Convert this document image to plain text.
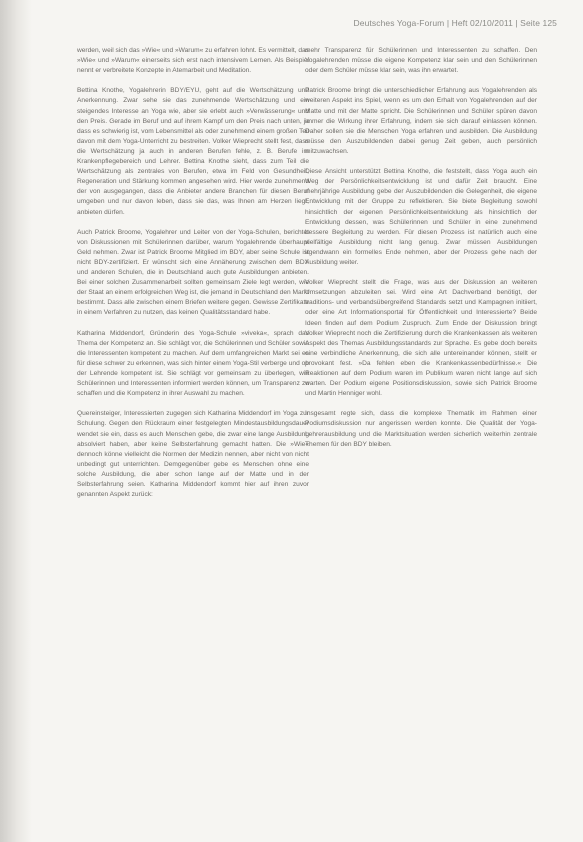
Deutsches Yoga-Forum | Heft 02/10/2011 | Seite 125

werden, weil sich das »Wie« und »Warum« zu erfahren lohnt. Es vermittelt, das »Wie« und »Warum« einerseits sich erst nach intensivem Lernen. Als Beispiel nennt er verbreitete Konzepte in Atemarbeit und Meditation.

Bettina Knothe, Yogalehrerin BDY/EYU, geht auf die Wertschätzung und Anerkennung. Zwar sehe sie das zunehmende Wertschätzung und ein steigendes Interesse an Yoga wie, aber sie erlebt auch »Verwässerung« und den Preis. Gerade im Beruf und auf ihrem Kampf um den Preis nach unten, ja dass es schwierig ist, vom Lebensmittel als oder zunehmend einem großen Teil davon mit dem Yoga-Unterricht zu bestreiten. Volker Wieprecht stellt fest, dass die Wertschätzung ja auch in anderen Berufen fehle, z. B. Berufe im Krankenpflegebereich und Lehrer. Bettina Knothe sieht, dass zum Teil die Wertschätzung als zentrales von Berufen, etwa im Feld von Gesundheit, Regeneration und Stärkung kommen angesehen wird. Hier werde zunehmend der von ausgegangen, dass die Anbieter andere Branchen für diesen Beruf umgeben und nur davon leben, dass sie das, was Ihnen am Herzen liegt, anbieten dürfen.

Auch Patrick Broome, Yogalehrer und Leiter von der Yoga-Schulen, berichtet von Diskussionen mit Schülerinnen darüber, warum Yogalehrende überhaupt Geld nehmen. Zwar ist Patrick Broome Mitglied im BDY, aber seine Schule ist nicht BDY-zertifiziert. Er wünscht sich eine Annäherung zwischen dem BDY und anderen Schulen, die in Deutschland auch gute Ausbildungen anbieten. Bei einer solchen Zusammenarbeit sollten gemeinsam Ziele legt werden, wie der Staat an einem erfolgreichen Weg ist, die jemand in Deutschland den Markt bestimmt. Dass alle zwischen einem Briefen weitere gegen. Gewisse Zertifikate in einem Verfahren zu nutzen, das keinen Qualitätsstandard habe.

Katharina Middendorf, Gründerin des Yoga-Schule »viveka«, sprach das Thema der Kompetenz an. Sie schlägt vor, die Schülerinnen und Schüler sowie die Interessenten kompetent zu machen. Auf dem umfangreichen Markt sei es für diese schwer zu erkennen, was sich hinter einem Yoga-Stil verberge und ob der Lehrende kompetent ist. Sie schlägt vor gemeinsam zu überlegen, wie Schülerinnen und Interessenten informiert werden können, um Transparenz zu schaffen und die Kompetenz in ihrer Auswahl zu machen.

Quereinsteiger, Interessierten zugegen sich Katharina Middendorf im Yoga zur Schulung. Gegen den Rückraum einer festgelegten Mindestausbildungsdauer wendet sie ein, dass es auch Menschen gebe, die zwar eine lange Ausbildung absolviert haben, aber keine Selbsterfahrung gemacht hatten. Die »Wie« dennoch könne vielleicht die Normen der Medizin nennen, aber nicht von nicht unbedingt gut unterrichten. Demgegenüber gebe es Menschen ohne eine solche Ausbildung, die aber schon lange auf der Matte und in der Selbsterfahrung seien. Katharina Middendorf kommt hier auf ihren zuvor genannten Aspekt zurück:

mehr Transparenz für Schülerinnen und Interessenten zu schaffen. Den Yogalehrenden müsse die eigene Kompetenz klar sein und den Schülerinnen oder dem Schüler müsse klar sein, was ihn erwartet.

Patrick Broome bringt die unterschiedlicher Erfahrung aus Yogalehrenden als weiteren Aspekt ins Spiel, wenn es um den Erhalt von Yogalehrenden auf der Matte und mit der Matte spricht. Die Schülerinnen und Schüler spüren davon immer die Wirkung ihrer Erfahrung, indem sie sich darauf einlassen können. Daher sollen sie die Menschen Yoga erfahren und ausbilden. Die Ausbildung müsse den Auszubildenden dabei genug Zeit geben, auch persönlich mitzuwachsen.

Diese Ansicht unterstützt Bettina Knothe, die feststellt, dass Yoga auch ein Weg der Persönlichkeitsentwicklung ist und dafür Zeit braucht. Eine mehrjährige Ausbildung gebe der Auszubildenden die Gelegenheit, die eigene Entwicklung mit der Gruppe zu reflektieren. Sie biete Begleitung sowohl hinsichtlich der eigenen Persönlichkeitsentwicklung als hinsichtlich der Entwicklung dessen, was Schülerinnen und Schüler in eine zunehmend bessere Begleitung zu werden. Für diesen Prozess ist natürlich auch eine vielfältige Ausbildung nicht lang genug. Zwar müssen Ausbildungen irgendwann ein formelles Ende nehmen, aber der Prozess gehe nach der Ausbildung weiter.

Volker Wieprecht stellt die Frage, was aus der Diskussion an weiteren Umsetzungen abzuleiten sei. Wird eine Art Dachverband benötigt, der traditions- und verbandsübergreifend Standards setzt und Kampagnen initiiert, oder eine Art Informationsportal für Öffentlichkeit und Interessierte? Beide Ideen finden auf dem Podium Zuspruch. Zum Ende der Diskussion bringt Volker Wieprecht noch die Zertifizierung durch die Krankenkassen als weiteren Aspekt des Themas Ausbildungsstandards zur Sprache. Es gebe doch bereits eine verbindliche Anerkennung, die sich alle untereinander können, stellt er provokant fest. »Da fehlen eben die Krankenkassenbedürfnisse.« Die Reaktionen auf dem Podium waren im Publikum waren nicht lange auf sich warten. Der Podium eigene Positionsdiskussion, sowie sich Patrick Broome und Martin Henniger wohl.

Insgesamt regte sich, dass die komplexe Thematik im Rahmen einer Podiumsdiskussion nur angerissen werden konnte. Die Qualität der Yoga-Lehrerausbildung und die Marktsituation werden sicherlich weiterhin zentrale Themen für den BDY bleiben.
